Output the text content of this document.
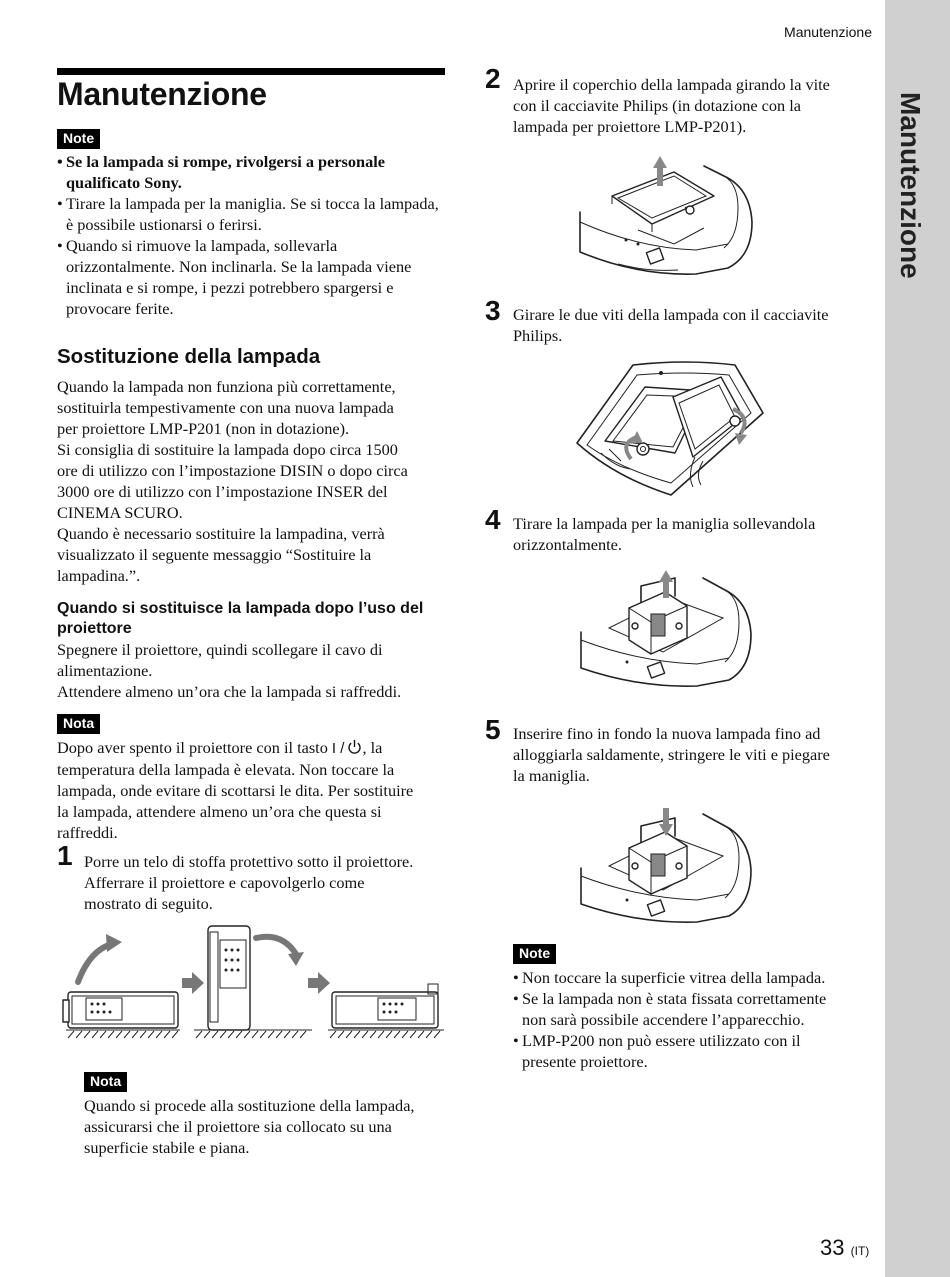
Manutenzione
Manutenzione
Manutenzione
Note
• Se la lampada si rompe, rivolgersi a personale qualificato Sony.
• Tirare la lampada per la maniglia. Se si tocca la lampada, è possibile ustionarsi o ferirsi.
• Quando si rimuove la lampada, sollevarla orizzontalmente. Non inclinarla. Se la lampada viene inclinata e si rompe, i pezzi potrebbero spargersi e provocare ferite.
Sostituzione della lampada
Quando la lampada non funziona più correttamente,
sostituirla tempestivamente con una nuova lampada
per proiettore LMP-P201 (non in dotazione).
Si consiglia di sostituire la lampada dopo circa 1500
ore di utilizzo con l’impostazione DISIN o dopo circa
3000 ore di utilizzo con l’impostazione INSER del
CINEMA SCURO.
Quando è necessario sostituire la lampadina, verrà
visualizzato il seguente messaggio “Sostituire la
lampadina.”.
Quando si sostituisce la lampada dopo l’uso del proiettore
Spegnere il proiettore, quindi scollegare il cavo di
alimentazione.
Attendere almeno un’ora che la lampada si raffreddi.
Nota
Dopo aver spento il proiettore con il tasto I / , la
temperatura della lampada è elevata. Non toccare la
lampada, onde evitare di scottarsi le dita. Per sostituire
la lampada, attendere almeno un’ora che questa si
raffreddi.
1 Porre un telo di stoffa protettivo sotto il proiettore.
Afferrare il proiettore e capovolgerlo come
mostrato di seguito.
Nota
Quando si procede alla sostituzione della lampada,
assicurarsi che il proiettore sia collocato su una
superficie stabile e piana.
2 Aprire il coperchio della lampada girando la vite
con il cacciavite Philips (in dotazione con la
lampada per proiettore LMP-P201).
3 Girare le due viti della lampada con il cacciavite
Philips.
4 Tirare la lampada per la maniglia sollevandola
orizzontalmente.
5 Inserire fino in fondo la nuova lampada fino ad
alloggiarla saldamente, stringere le viti e piegare
la maniglia.
Note
• Non toccare la superficie vitrea della lampada.
• Se la lampada non è stata fissata correttamente
non sarà possibile accendere l’apparecchio.
• LMP-P200 non può essere utilizzato con il
presente proiettore.
33 (IT)
